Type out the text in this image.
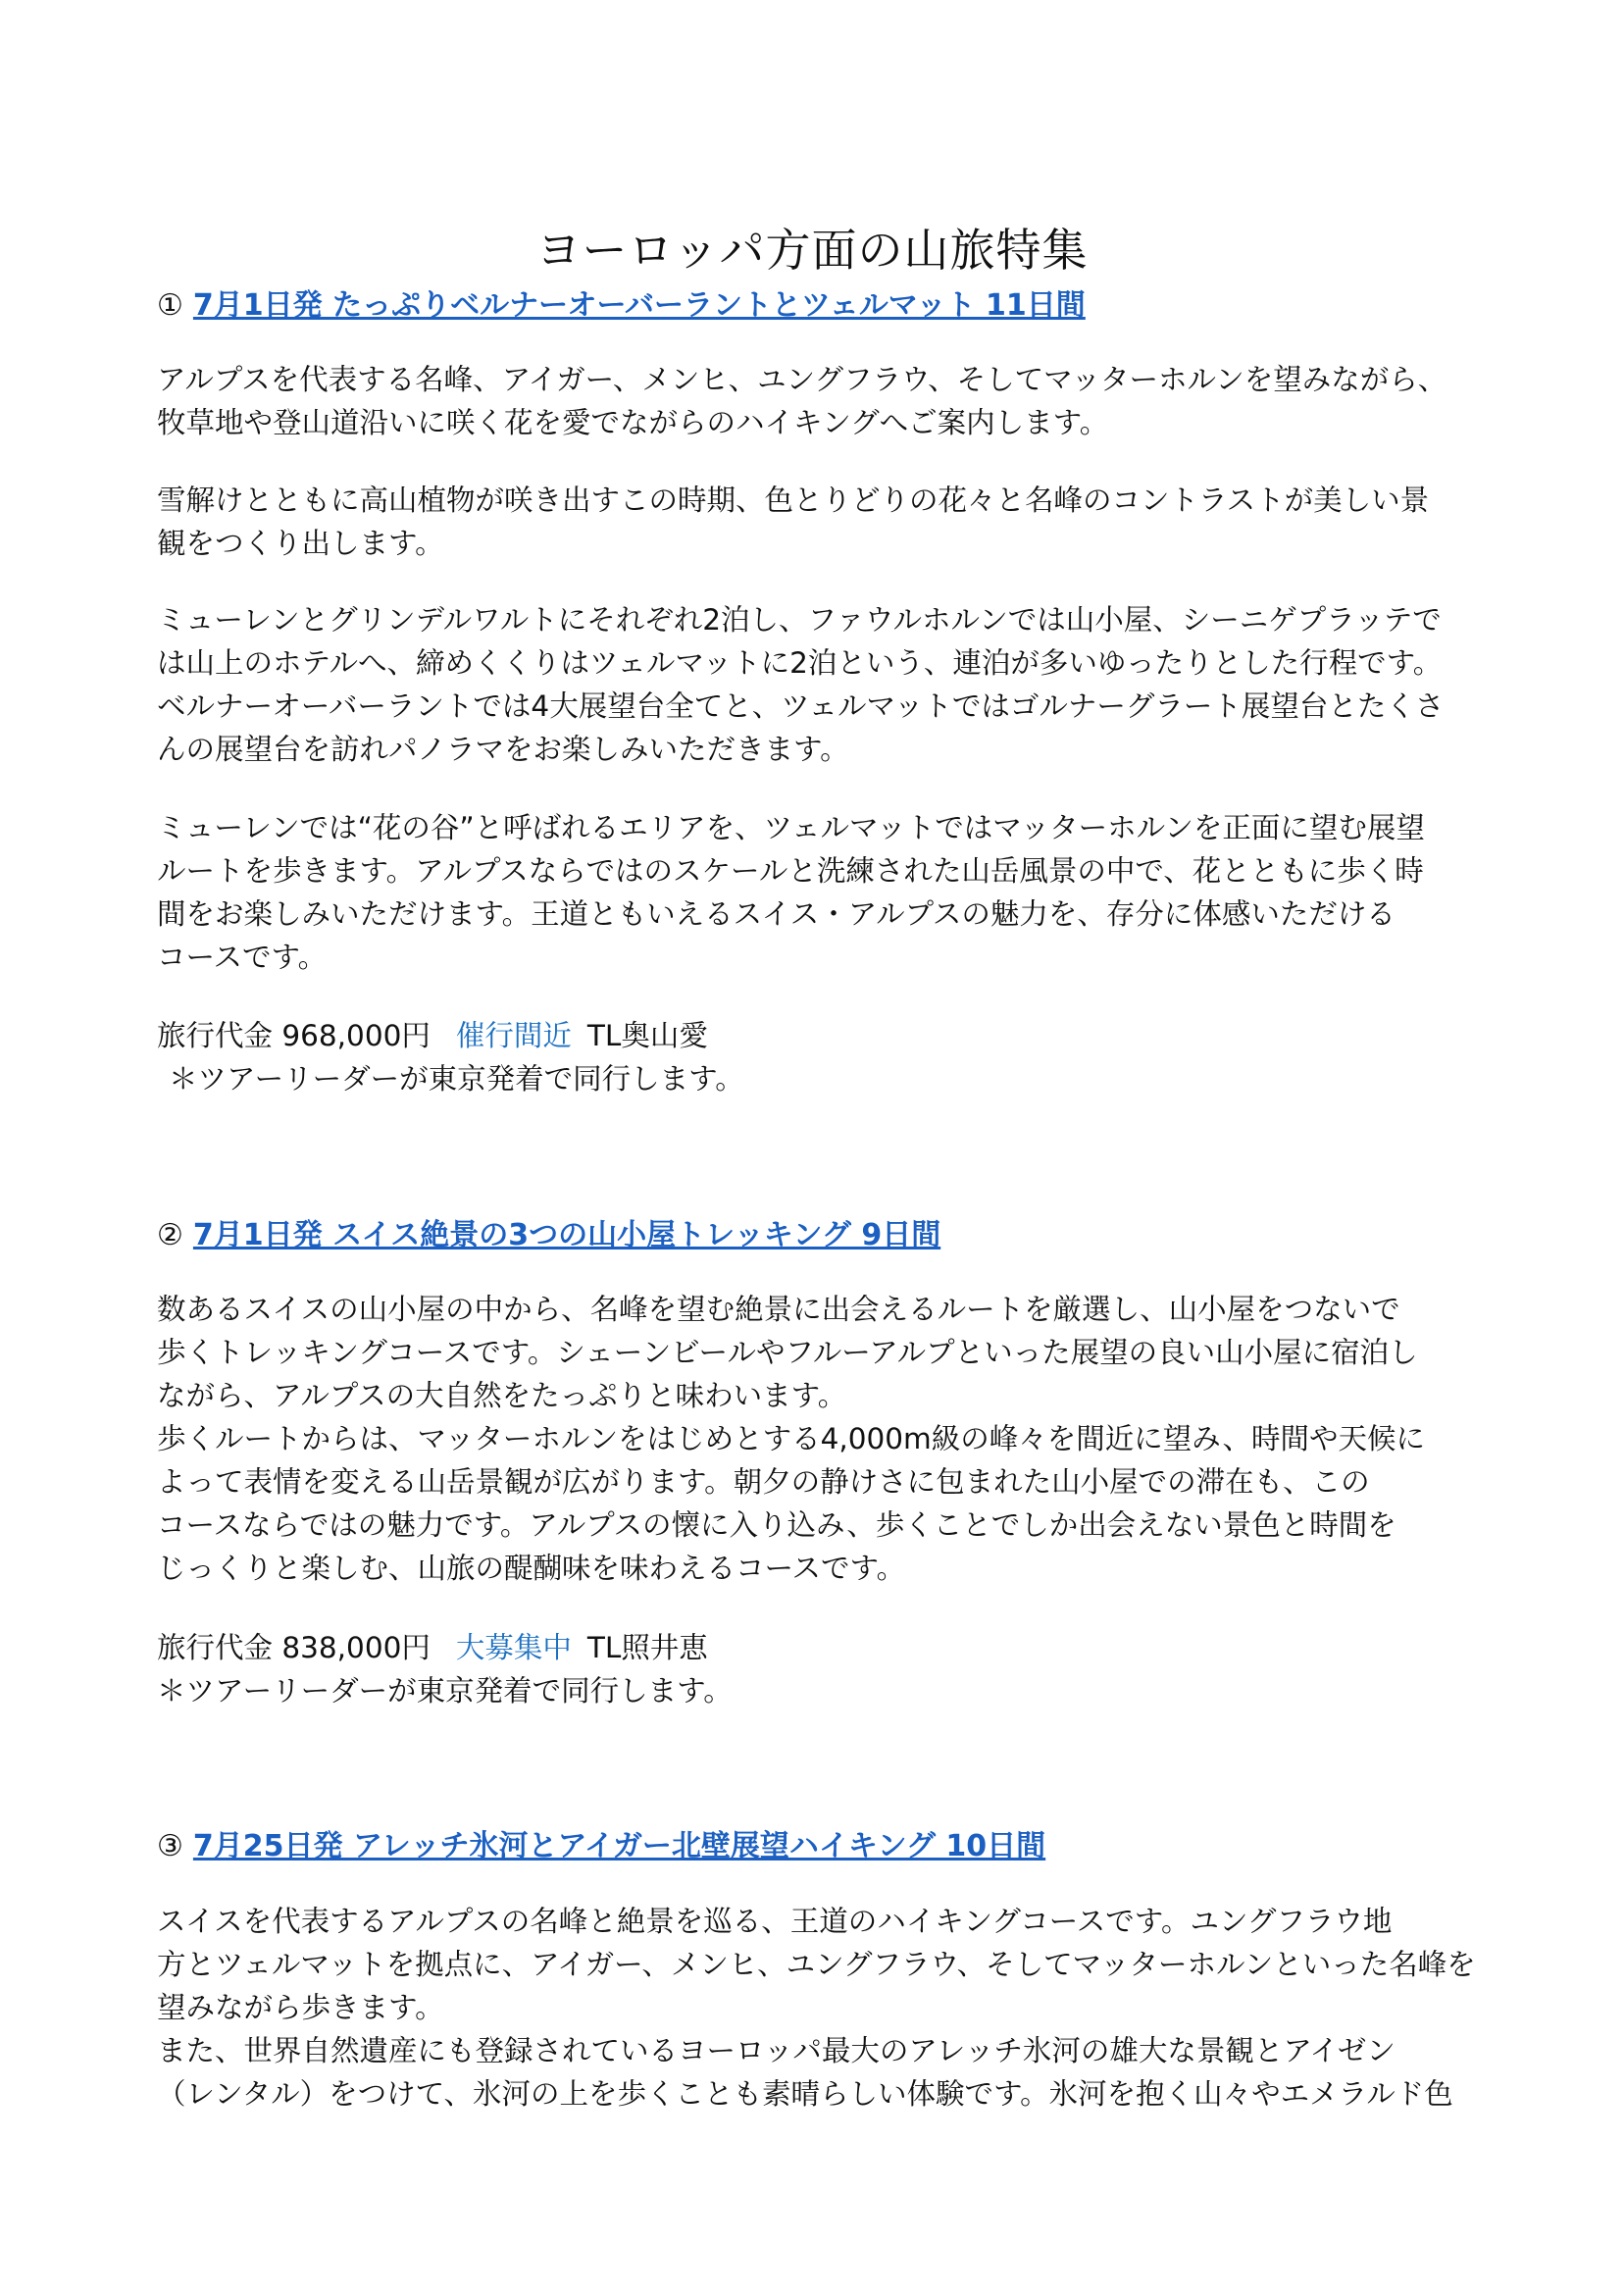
ヨーロッパ方面の山旅特集
① 7月1日発 たっぷりベルナーオーバーラントとツェルマット 11日間

アルプスを代表する名峰、アイガー、メンヒ、ユングフラウ、そしてマッターホルンを望みながら、
牧草地や登山道沿いに咲く花を愛でながらのハイキングへご案内します。

雪解けとともに高山植物が咲き出すこの時期、色とりどりの花々と名峰のコントラストが美しい景
観をつくり出します。

ミューレンとグリンデルワルトにそれぞれ2泊し、ファウルホルンでは山小屋、シーニゲプラッテで
は山上のホテルへ、締めくくりはツェルマットに2泊という、連泊が多いゆったりとした行程です。
ベルナーオーバーラントでは4大展望台全てと、ツェルマットではゴルナーグラート展望台とたくさ
んの展望台を訪れパノラマをお楽しみいただきます。

ミューレンでは“花の谷”と呼ばれるエリアを、ツェルマットではマッターホルンを正面に望む展望
ルートを歩きます。アルプスならではのスケールと洗練された山岳風景の中で、花とともに歩く時
間をお楽しみいただけます。王道ともいえるスイス・アルプスの魅力を、存分に体感いただける
コースです。

旅行代金 968,000円 催行間近 TL奥山愛
＊ツアーリーダーが東京発着で同行します。
② 7月1日発 スイス絶景の3つの山小屋トレッキング 9日間

数あるスイスの山小屋の中から、名峰を望む絶景に出会えるルートを厳選し、山小屋をつないで
歩くトレッキングコースです。シェーンビールやフルーアルプといった展望の良い山小屋に宿泊し
ながら、アルプスの大自然をたっぷりと味わいます。
歩くルートからは、マッターホルンをはじめとする4,000m級の峰々を間近に望み、時間や天候に
よって表情を変える山岳景観が広がります。朝夕の静けさに包まれた山小屋での滞在も、この
コースならではの魅力です。アルプスの懐に入り込み、歩くことでしか出会えない景色と時間を
じっくりと楽しむ、山旅の醍醐味を味わえるコースです。

旅行代金 838,000円 大募集中 TL照井恵
＊ツアーリーダーが東京発着で同行します。
③ 7月25日発 アレッチ氷河とアイガー北壁展望ハイキング 10日間

スイスを代表するアルプスの名峰と絶景を巡る、王道のハイキングコースです。ユングフラウ地
方とツェルマットを拠点に、アイガー、メンヒ、ユングフラウ、そしてマッターホルンといった名峰を
望みながら歩きます。
また、世界自然遺産にも登録されているヨーロッパ最大のアレッチ氷河の雄大な景観とアイゼン
（レンタル）をつけて、氷河の上を歩くことも素晴らしい体験です。氷河を抱く山々やエメラルド色
